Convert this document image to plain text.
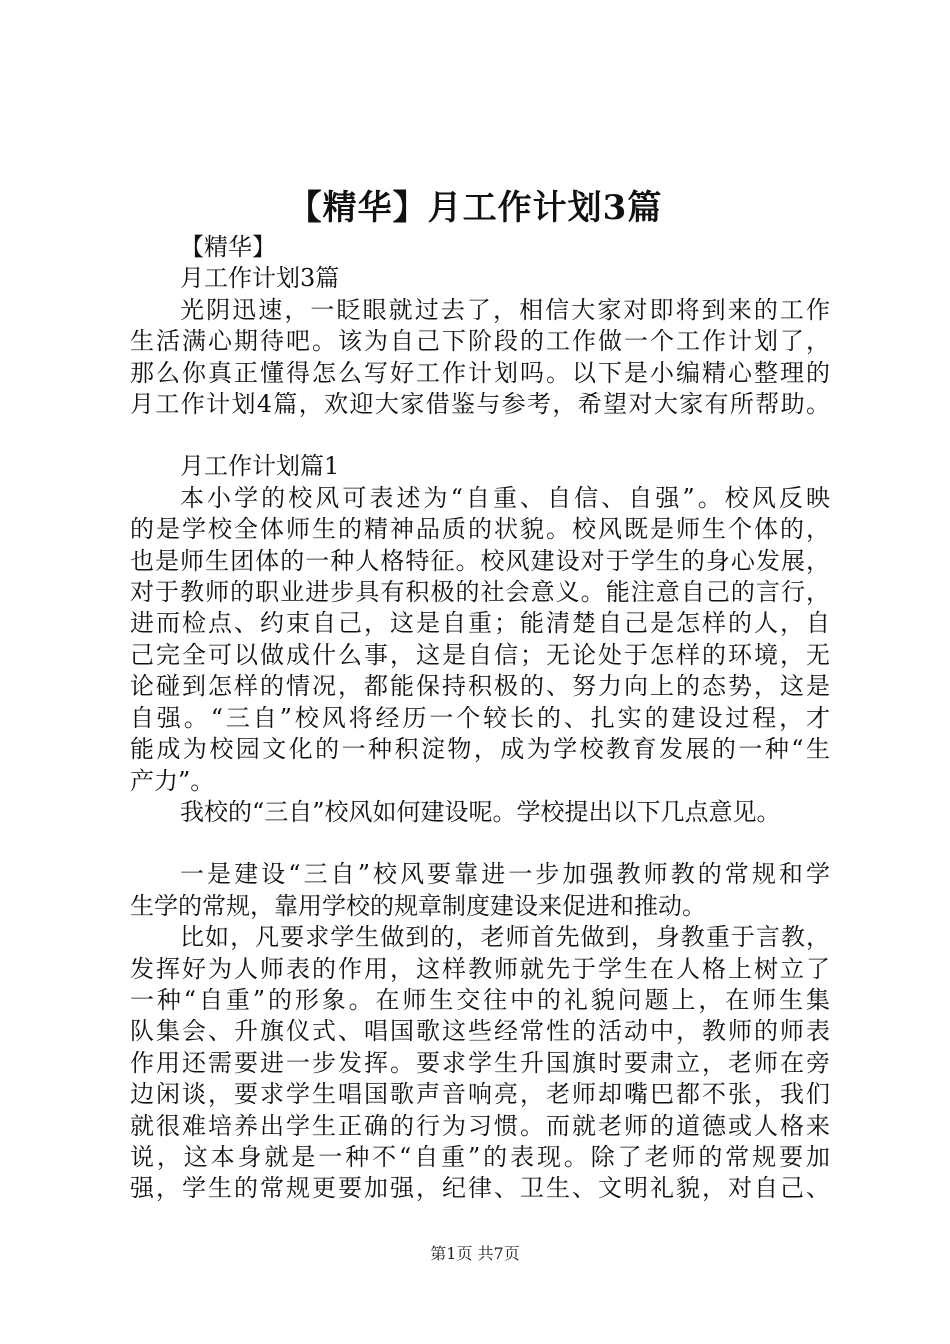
【精华】月工作计划3篇

【精华】

月工作计划3篇

光阴迅速，一眨眼就过去了，相信大家对即将到来的工作
生活满心期待吧。该为自己下阶段的工作做一个工作计划了，
那么你真正懂得怎么写好工作计划吗。以下是小编精心整理的
月工作计划4篇，欢迎大家借鉴与参考，希望对大家有所帮助。

月工作计划篇1

本小学的校风可表述为“自重、自信、自强”。校风反映
的是学校全体师生的精神品质的状貌。校风既是师生个体的，
也是师生团体的一种人格特征。校风建设对于学生的身心发展，
对于教师的职业进步具有积极的社会意义。能注意自己的言行，
进而检点、约束自己，这是自重；能清楚自己是怎样的人，自
己完全可以做成什么事，这是自信；无论处于怎样的环境，无
论碰到怎样的情况，都能保持积极的、努力向上的态势，这是
自强。“三自”校风将经历一个较长的、扎实的建设过程，才
能成为校园文化的一种积淀物，成为学校教育发展的一种“生
产力”。

我校的“三自”校风如何建设呢。学校提出以下几点意见。

一是建设“三自”校风要靠进一步加强教师教的常规和学
生学的常规，靠用学校的规章制度建设来促进和推动。
比如，凡要求学生做到的，老师首先做到，身教重于言教，
发挥好为人师表的作用，这样教师就先于学生在人格上树立了
一种“自重”的形象。在师生交往中的礼貌问题上，在师生集
队集会、升旗仪式、唱国歌这些经常性的活动中，教师的师表
作用还需要进一步发挥。要求学生升国旗时要肃立，老师在旁
边闲谈，要求学生唱国歌声音响亮，老师却嘴巴都不张，我们
就很难培养出学生正确的行为习惯。而就老师的道德或人格来
说，这本身就是一种不“自重”的表现。除了老师的常规要加
强，学生的常规更要加强，纪律、卫生、文明礼貌，对自己、
第1页 共7页
